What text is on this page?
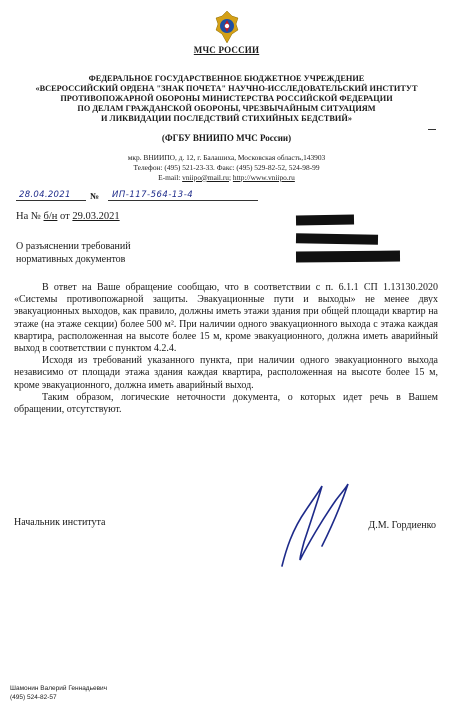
МЧС РОССИИ
ФЕДЕРАЛЬНОЕ ГОСУДАРСТВЕННОЕ БЮДЖЕТНОЕ УЧРЕЖДЕНИЕ
«ВСЕРОССИЙСКИЙ ОРДЕНА "ЗНАК ПОЧЕТА" НАУЧНО-ИССЛЕДОВАТЕЛЬСКИЙ ИНСТИТУТ
ПРОТИВОПОЖАРНОЙ ОБОРОНЫ МИНИСТЕРСТВА РОССИЙСКОЙ ФЕДЕРАЦИИ
ПО ДЕЛАМ ГРАЖДАНСКОЙ ОБОРОНЫ, ЧРЕЗВЫЧАЙНЫМ СИТУАЦИЯМ
И ЛИКВИДАЦИИ ПОСЛЕДСТВИЙ СТИХИЙНЫХ БЕДСТВИЙ»
(ФГБУ ВНИИПО МЧС России)
мкр. ВНИИПО, д. 12, г. Балашиха, Московская область,143903
Телефон: (495) 521-23-33. Факс: (495) 529-82-52, 524-98-99
E-mail: vniipo@mail.ru; http://www.vniipo.ru
28.04.2021 № ИП-117-564-13-4
На № б/н от 29.03.2021
О разъяснении требований
нормативных документов

В ответ на Ваше обращение сообщаю, что в соответствии с п. 6.1.1 СП 1.13130.2020 «Системы противопожарной защиты. Эвакуационные пути и выходы» не менее двух эвакуационных выходов, как правило, должны иметь этажи здания при общей площади квартир на этаже (на этаже секции) более 500 м². При наличии одного эвакуационного выхода с этажа каждая квартира, расположенная на высоте более 15 м, кроме эвакуационного, должна иметь аварийный выход в соответствии с пунктом 4.2.4.

Исходя из требований указанного пункта, при наличии одного эвакуационного выхода независимо от площади этажа здания каждая квартира, расположенная на высоте более 15 м, кроме эвакуационного, должна иметь аварийный выход.

Таким образом, логические неточности документа, о которых идет речь в Вашем обращении, отсутствуют.

Начальник института	Д.М. Гордиенко
Шамонин Валерий Геннадьевич
(495) 524-82-57
